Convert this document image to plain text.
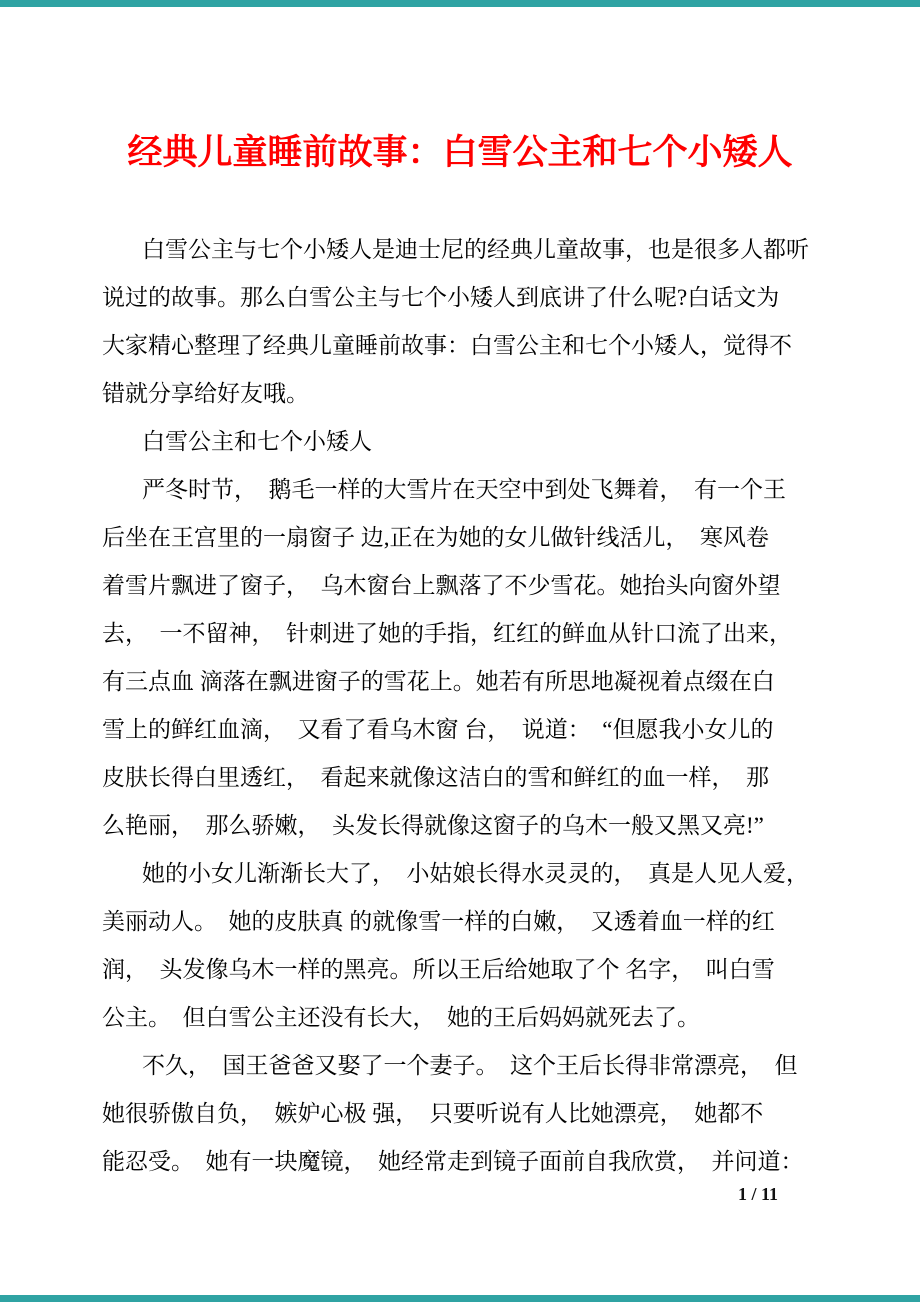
经典儿童睡前故事：白雪公主和七个小矮人
白雪公主与七个小矮人是迪士尼的经典儿童故事，也是很多人都听
说过的故事。那么白雪公主与七个小矮人到底讲了什么呢?白话文为
大家精心整理了经典儿童睡前故事：白雪公主和七个小矮人，觉得不
错就分享给好友哦。
白雪公主和七个小矮人
严冬时节，　鹅毛一样的大雪片在天空中到处飞舞着，　有一个王
后坐在王宫里的一扇窗子 边,正在为她的女儿做针线活儿，　寒风卷
着雪片飘进了窗子，　乌木窗台上飘落了不少雪花。她抬头向窗外望
去，　一不留神，　针刺进了她的手指，红红的鲜血从针口流了出来，
有三点血 滴落在飘进窗子的雪花上。她若有所思地凝视着点缀在白
雪上的鲜红血滴，　又看了看乌木窗 台，　说道：　“但愿我小女儿的
皮肤长得白里透红，　看起来就像这洁白的雪和鲜红的血一样，　那
么艳丽，　那么骄嫩，　头发长得就像这窗子的乌木一般又黑又亮!”
她的小女儿渐渐长大了，　小姑娘长得水灵灵的，　真是人见人爱，
美丽动人。　她的皮肤真 的就像雪一样的白嫩，　又透着血一样的红
润，　头发像乌木一样的黑亮。所以王后给她取了个 名字，　叫白雪
公主。　但白雪公主还没有长大，　她的王后妈妈就死去了。
不久，　国王爸爸又娶了一个妻子。　这个王后长得非常漂亮，　但
她很骄傲自负，　嫉妒心极 强，　只要听说有人比她漂亮，　她都不
能忍受。　她有一块魔镜，　她经常走到镜子面前自我欣赏，　并问道：
1 / 11
